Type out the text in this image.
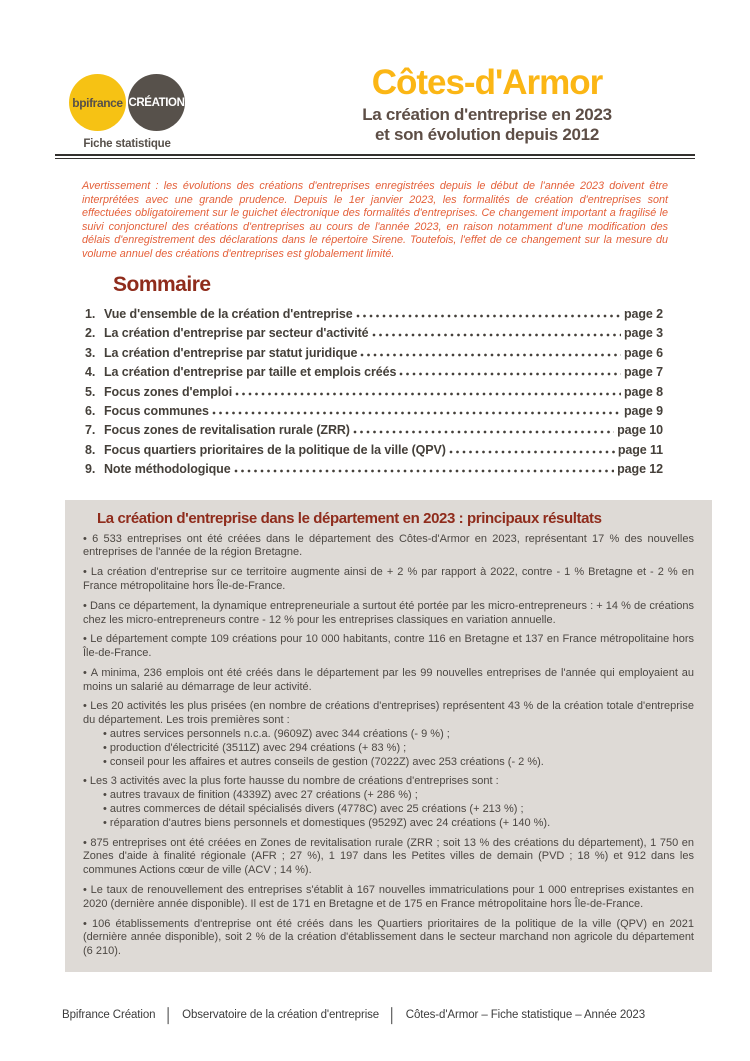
bpifrance CRÉATION
Fiche statistique
Côtes-d'Armor
La création d'entreprise en 2023
et son évolution depuis 2012
Avertissement : les évolutions des créations d'entreprises enregistrées depuis le début de l'année 2023 doivent être interprétées avec une grande prudence. Depuis le 1er janvier 2023, les formalités de création d'entreprises sont effectuées obligatoirement sur le guichet électronique des formalités d'entreprises. Ce changement important a fragilisé le suivi conjoncturel des créations d'entreprises au cours de l'année 2023, en raison notamment d'une modification des délais d'enregistrement des déclarations dans le répertoire Sirene. Toutefois, l'effet de ce changement sur la mesure du volume annuel des créations d'entreprises est globalement limité.
Sommaire
1. Vue d'ensemble de la création d'entreprise	page 2
2. La création d'entreprise par secteur d'activité	page 3
3. La création d'entreprise par statut juridique	page 6
4. La création d'entreprise par taille et emplois créés	page 7
5. Focus zones d'emploi	page 8
6. Focus communes	page 9
7. Focus zones de revitalisation rurale (ZRR)	page 10
8. Focus quartiers prioritaires de la politique de la ville (QPV)	page 11
9. Note méthodologique	page 12
La création d'entreprise dans le département en 2023 : principaux résultats
• 6 533 entreprises ont été créées dans le département des Côtes-d'Armor en 2023, représentant 17 % des nouvelles entreprises de l'année de la région Bretagne.
• La création d'entreprise sur ce territoire augmente ainsi de + 2 % par rapport à 2022, contre - 1 % Bretagne et - 2 % en France métropolitaine hors Île-de-France.
• Dans ce département, la dynamique entrepreneuriale a surtout été portée par les micro-entrepreneurs : + 14 % de créations chez les micro-entrepreneurs contre - 12 % pour les entreprises classiques en variation annuelle.
• Le département compte 109 créations pour 10 000 habitants, contre 116 en Bretagne et 137 en France métropolitaine hors Île-de-France.
• A minima, 236 emplois ont été créés dans le département par les 99 nouvelles entreprises de l'année qui employaient au moins un salarié au démarrage de leur activité.
• Les 20 activités les plus prisées (en nombre de créations d'entreprises) représentent 43 % de la création totale d'entreprise du département. Les trois premières sont :
• autres services personnels n.c.a. (9609Z) avec 344 créations (- 9 %) ;
• production d'électricité (3511Z) avec 294 créations (+ 83 %) ;
• conseil pour les affaires et autres conseils de gestion (7022Z) avec 253 créations (- 2 %).
• Les 3 activités avec la plus forte hausse du nombre de créations d'entreprises sont :
• autres travaux de finition (4339Z) avec 27 créations (+ 286 %) ;
• autres commerces de détail spécialisés divers (4778C) avec 25 créations (+ 213 %) ;
• réparation d'autres biens personnels et domestiques (9529Z) avec 24 créations (+ 140 %).
• 875 entreprises ont été créées en Zones de revitalisation rurale (ZRR ; soit 13 % des créations du département), 1 750 en Zones d'aide à finalité régionale (AFR ; 27 %), 1 197 dans les Petites villes de demain (PVD ; 18 %) et 912 dans les communes Actions cœur de ville (ACV ; 14 %).
• Le taux de renouvellement des entreprises s'établit à 167 nouvelles immatriculations pour 1 000 entreprises existantes en 2020 (dernière année disponible). Il est de 171 en Bretagne et de 175 en France métropolitaine hors Île-de-France.
• 106 établissements d'entreprise ont été créés dans les Quartiers prioritaires de la politique de la ville (QPV) en 2021 (dernière année disponible), soit 2 % de la création d'établissement dans le secteur marchand non agricole du département (6 210).
Bpifrance Création │ Observatoire de la création d'entreprise │ Côtes-d'Armor – Fiche statistique – Année 2023
